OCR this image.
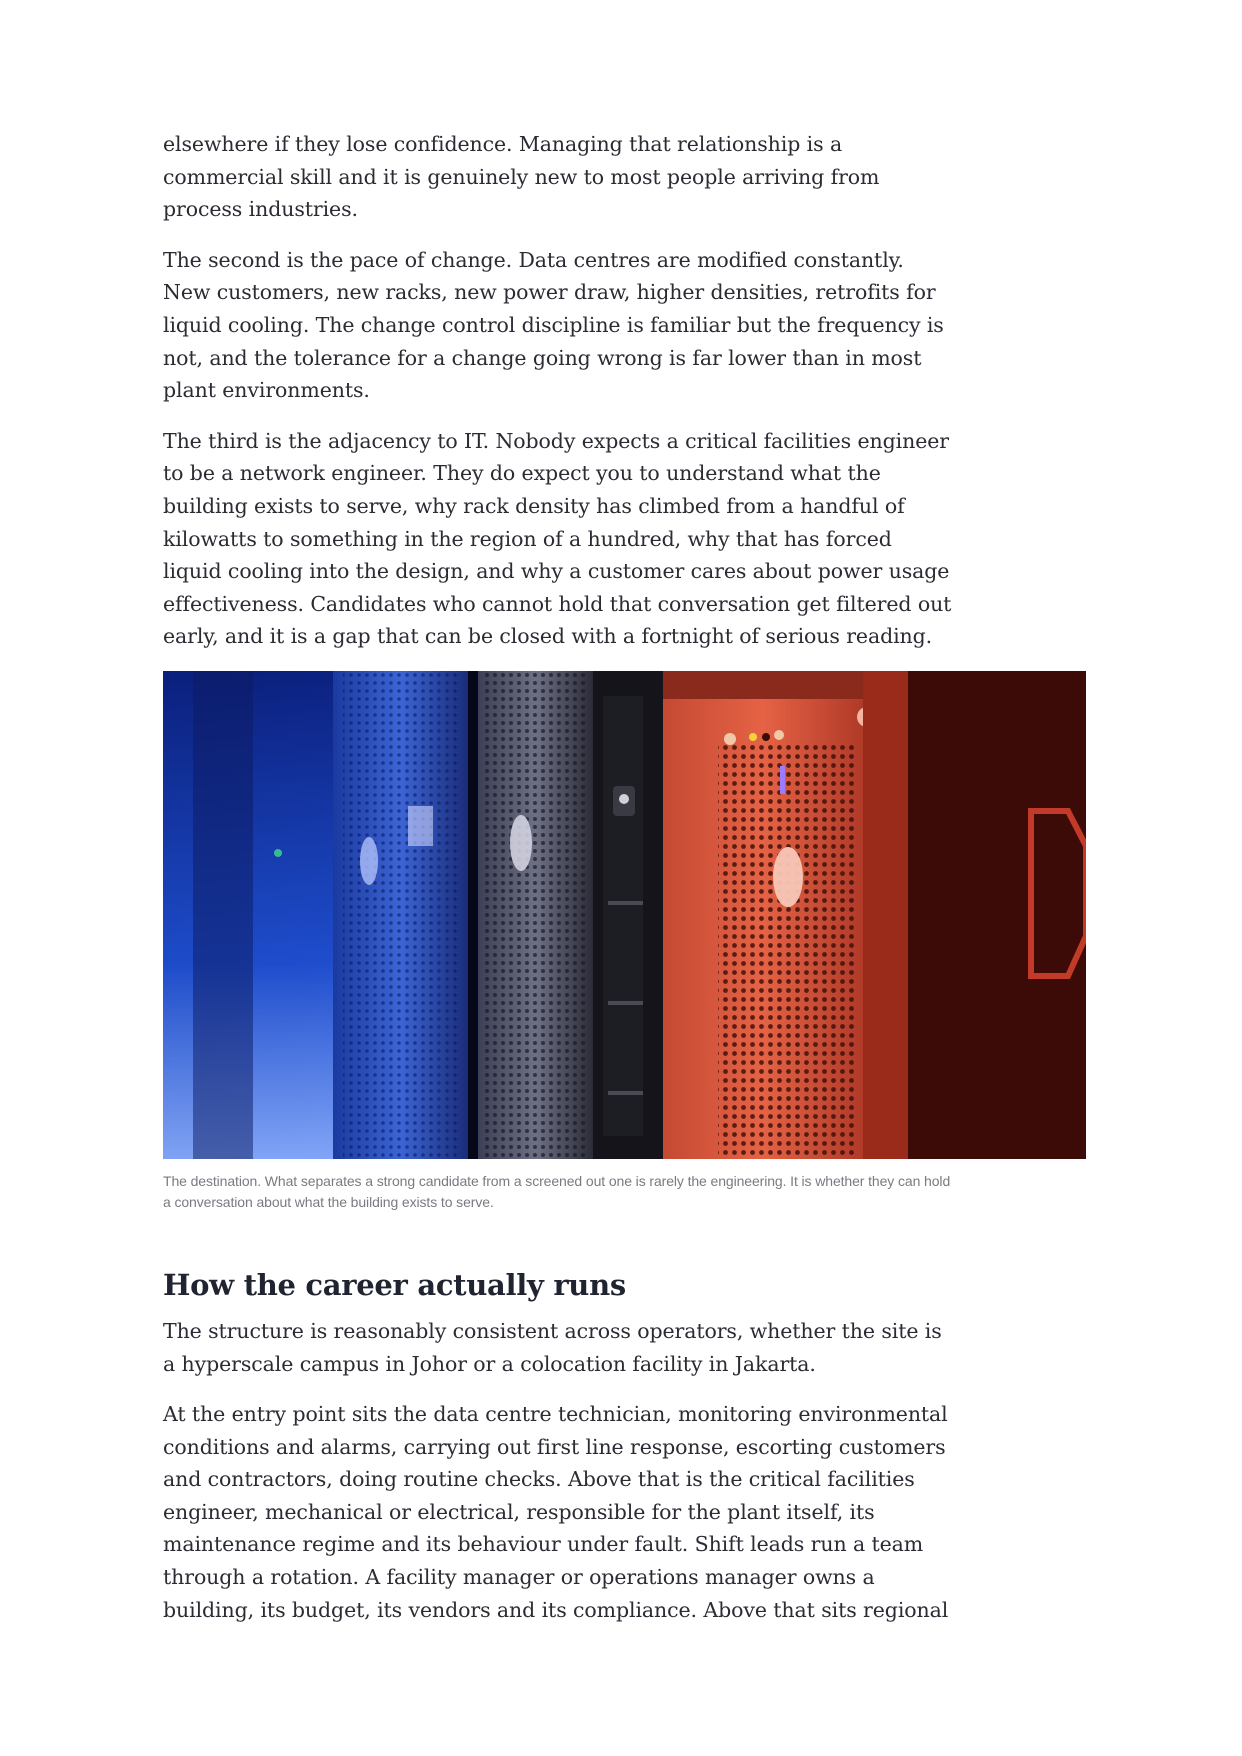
elsewhere if they lose confidence. Managing that relationship is a commercial skill and it is genuinely new to most people arriving from process industries.

The second is the pace of change. Data centres are modified constantly. New customers, new racks, new power draw, higher densities, retrofits for liquid cooling. The change control discipline is familiar but the frequency is not, and the tolerance for a change going wrong is far lower than in most plant environments.

The third is the adjacency to IT. Nobody expects a critical facilities engineer to be a network engineer. They do expect you to understand what the building exists to serve, why rack density has climbed from a handful of kilowatts to something in the region of a hundred, why that has forced liquid cooling into the design, and why a customer cares about power usage effectiveness. Candidates who cannot hold that conversation get filtered out early, and it is a gap that can be closed with a fortnight of serious reading.

The destination. What separates a strong candidate from a screened out one is rarely the engineering. It is whether they can hold a conversation about what the building exists to serve.

How the career actually runs

The structure is reasonably consistent across operators, whether the site is a hyperscale campus in Johor or a colocation facility in Jakarta.

At the entry point sits the data centre technician, monitoring environmental conditions and alarms, carrying out first line response, escorting customers and contractors, doing routine checks. Above that is the critical facilities engineer, mechanical or electrical, responsible for the plant itself, its maintenance regime and its behaviour under fault. Shift leads run a team through a rotation. A facility manager or operations manager owns a building, its budget, its vendors and its compliance. Above that sits regional
